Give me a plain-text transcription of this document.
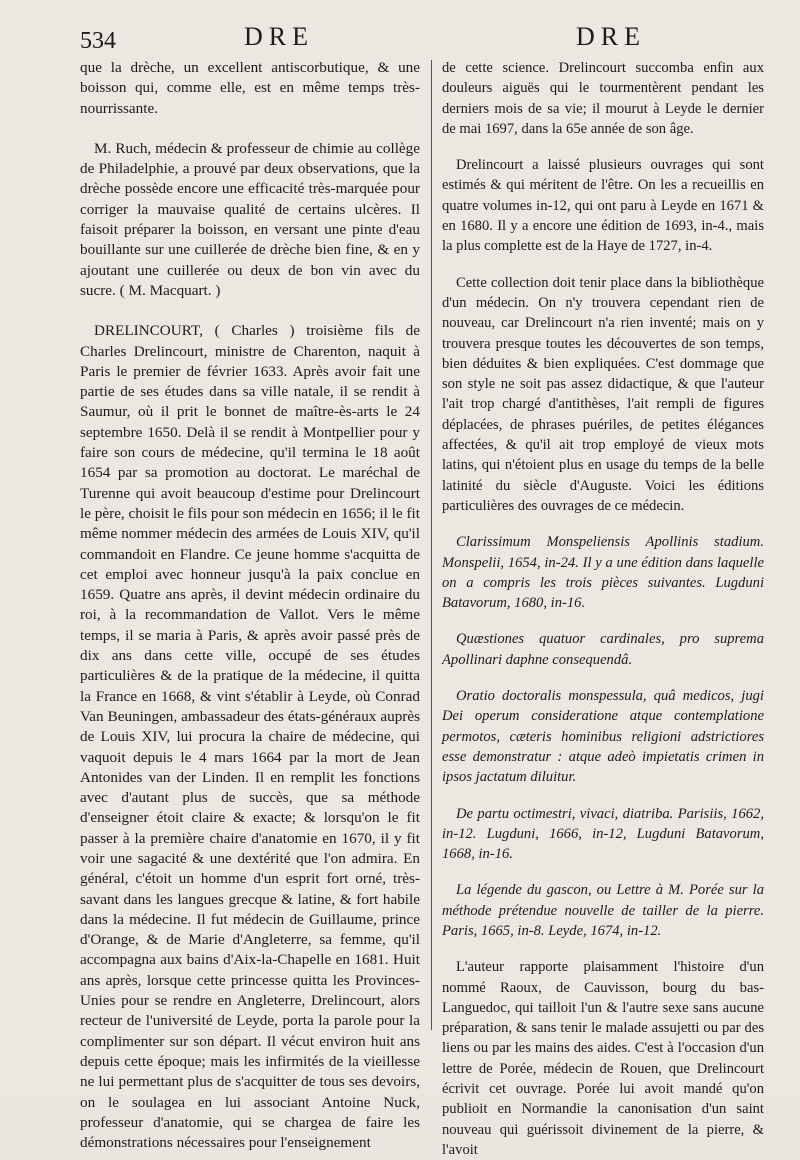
534	DRE	DRE

que la drèche, un excellent antiscorbutique, & une boisson qui, comme elle, est en même temps très-nourrissante.

M. Ruch, médecin & professeur de chimie au collège de Philadelphie, a prouvé par deux observations, que la drèche possède encore une efficacité très-marquée pour corriger la mauvaise qualité de certains ulcères. Il faisoit préparer la boisson, en versant une pinte d'eau bouillante sur une cuillerée de drèche bien fine, & en y ajoutant une cuillerée ou deux de bon vin avec du sucre. ( M. Macquart. )

DRELINCOURT, ( Charles ) troisième fils de Charles Drelincourt, ministre de Charenton, naquit à Paris le premier de février 1633. Après avoir fait une partie de ses études dans sa ville natale, il se rendit à Saumur, où il prit le bonnet de maître-ès-arts le 24 septembre 1650. Delà il se rendit à Montpellier pour y faire son cours de médecine, qu'il termina le 18 août 1654 par sa promotion au doctorat. Le maréchal de Turenne qui avoit beaucoup d'estime pour Drelincourt le père, choisit le fils pour son médecin en 1656; il le fit même nommer médecin des armées de Louis XIV, qu'il commandoit en Flandre. Ce jeune homme s'acquitta de cet emploi avec honneur jusqu'à la paix conclue en 1659. Quatre ans après, il devint médecin ordinaire du roi, à la recommandation de Vallot. Vers le même temps, il se maria à Paris, & après avoir passé près de dix ans dans cette ville, occupé de ses études particulières & de la pratique de la médecine, il quitta la France en 1668, & vint s'établir à Leyde, où Conrad Van Beuningen, ambassadeur des états-généraux auprès de Louis XIV, lui procura la chaire de médecine, qui vaquoit depuis le 4 mars 1664 par la mort de Jean Antonides van der Linden. Il en remplit les fonctions avec d'autant plus de succès, que sa méthode d'enseigner étoit claire & exacte; & lorsqu'on le fit passer à la première chaire d'anatomie en 1670, il y fit voir une sagacité & une dextérité que l'on admira. En général, c'étoit un homme d'un esprit fort orné, très-savant dans les langues grecque & latine, & fort habile dans la médecine. Il fut médecin de Guillaume, prince d'Orange, & de Marie d'Angleterre, sa femme, qu'il accompagna aux bains d'Aix-la-Chapelle en 1681. Huit ans après, lorsque cette princesse quitta les Provinces-Unies pour se rendre en Angleterre, Drelincourt, alors recteur de l'université de Leyde, porta la parole pour la complimenter sur son départ. Il vécut environ huit ans depuis cette époque; mais les infirmités de la vieillesse ne lui permettant plus de s'acquitter de tous ses devoirs, on le soulagea en lui associant Antoine Nuck, professeur d'anatomie, qui se chargea de faire les démonstrations nécessaires pour l'enseignement

de cette science. Drelincourt succomba enfin aux douleurs aiguës qui le tourmentèrent pendant les derniers mois de sa vie; il mourut à Leyde le dernier de mai 1697, dans la 65e année de son âge.

Drelincourt a laissé plusieurs ouvrages qui sont estimés & qui méritent de l'être. On les a recueillis en quatre volumes in-12, qui ont paru à Leyde en 1671 & en 1680. Il y a encore une édition de 1693, in-4., mais la plus complette est de la Haye de 1727, in-4.

Cette collection doit tenir place dans la bibliothèque d'un médecin. On n'y trouvera cependant rien de nouveau, car Drelincourt n'a rien inventé; mais on y trouvera presque toutes les découvertes de son temps, bien déduites & bien expliquées. C'est dommage que son style ne soit pas assez didactique, & que l'auteur l'ait trop chargé d'antithèses, l'ait rempli de figures déplacées, de phrases puériles, de petites élégances affectées, & qu'il ait trop employé de vieux mots latins, qui n'étoient plus en usage du temps de la belle latinité du siècle d'Auguste. Voici les éditions particulières des ouvrages de ce médecin.

Clarissimum Monspeliensis Apollinis stadium. Monspelii, 1654, in-24. Il y a une édition dans laquelle on a compris les trois pièces suivantes. Lugduni Batavorum, 1680, in-16.

Quæstiones quatuor cardinales, pro suprema Apollinari daphne consequendâ.

Oratio doctoralis monspessula, quâ medicos, jugi Dei operum consideratione atque contemplatione permotos, cæteris hominibus religioni adstrictiores esse demonstratur : atque adeò impietatis crimen in ipsos jactatum diluitur.

De partu octimestri, vivaci, diatriba. Parisiis, 1662, in-12. Lugduni, 1666, in-12, Lugduni Batavorum, 1668, in-16.

La légende du gascon, ou Lettre à M. Porée sur la méthode prétendue nouvelle de tailler de la pierre. Paris, 1665, in-8. Leyde, 1674, in-12.

L'auteur rapporte plaisamment l'histoire d'un nommé Raoux, de Cauvisson, bourg du bas-Languedoc, qui tailloit l'un & l'autre sexe sans aucune préparation, & sans tenir le malade assujetti ou par des liens ou par les mains des aides. C'est à l'occasion d'un lettre de Porée, médecin de Rouen, que Drelincourt écrivit cet ouvrage. Porée lui avoit mandé qu'on publioit en Normandie la canonisation d'un saint nouveau qui guérissoit divinement de la pierre, & l'avoit
